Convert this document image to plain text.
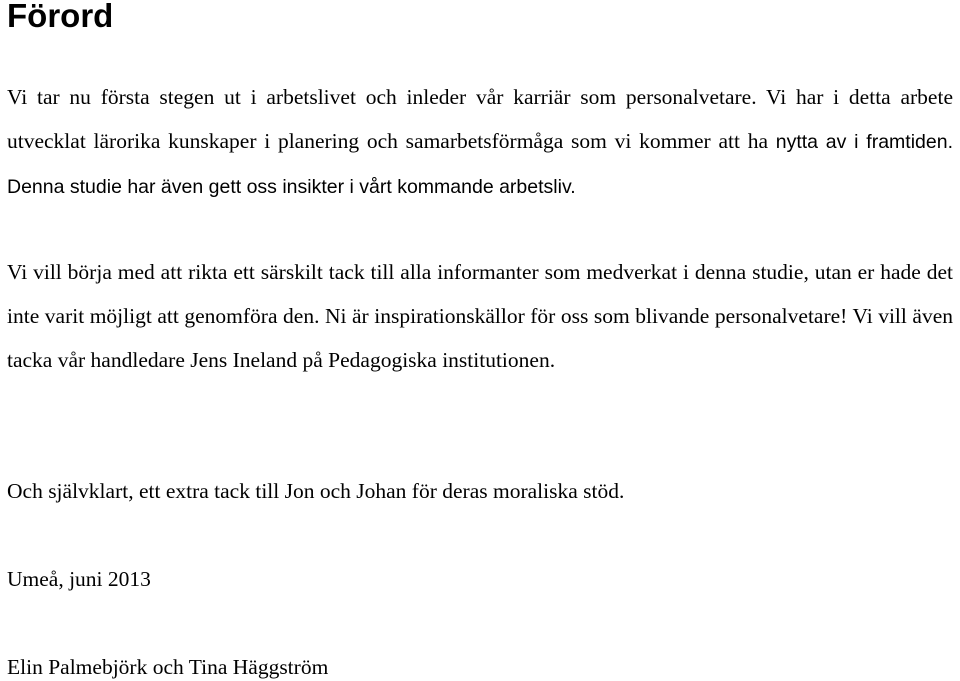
Förord

Vi tar nu första stegen ut i arbetslivet och inleder vår karriär som personalvetare. Vi har i detta arbete utvecklat lärorika kunskaper i planering och samarbetsförmåga som vi kommer att ha nytta av i framtiden. Denna studie har även gett oss insikter i vårt kommande arbetsliv.

Vi vill börja med att rikta ett särskilt tack till alla informanter som medverkat i denna studie, utan er hade det inte varit möjligt att genomföra den. Ni är inspirationskällor för oss som blivande personalvetare! Vi vill även tacka vår handledare Jens Ineland på Pedagogiska institutionen.

Och självklart, ett extra tack till Jon och Johan för deras moraliska stöd.

Umeå, juni 2013

Elin Palmebjörk och Tina Häggström
